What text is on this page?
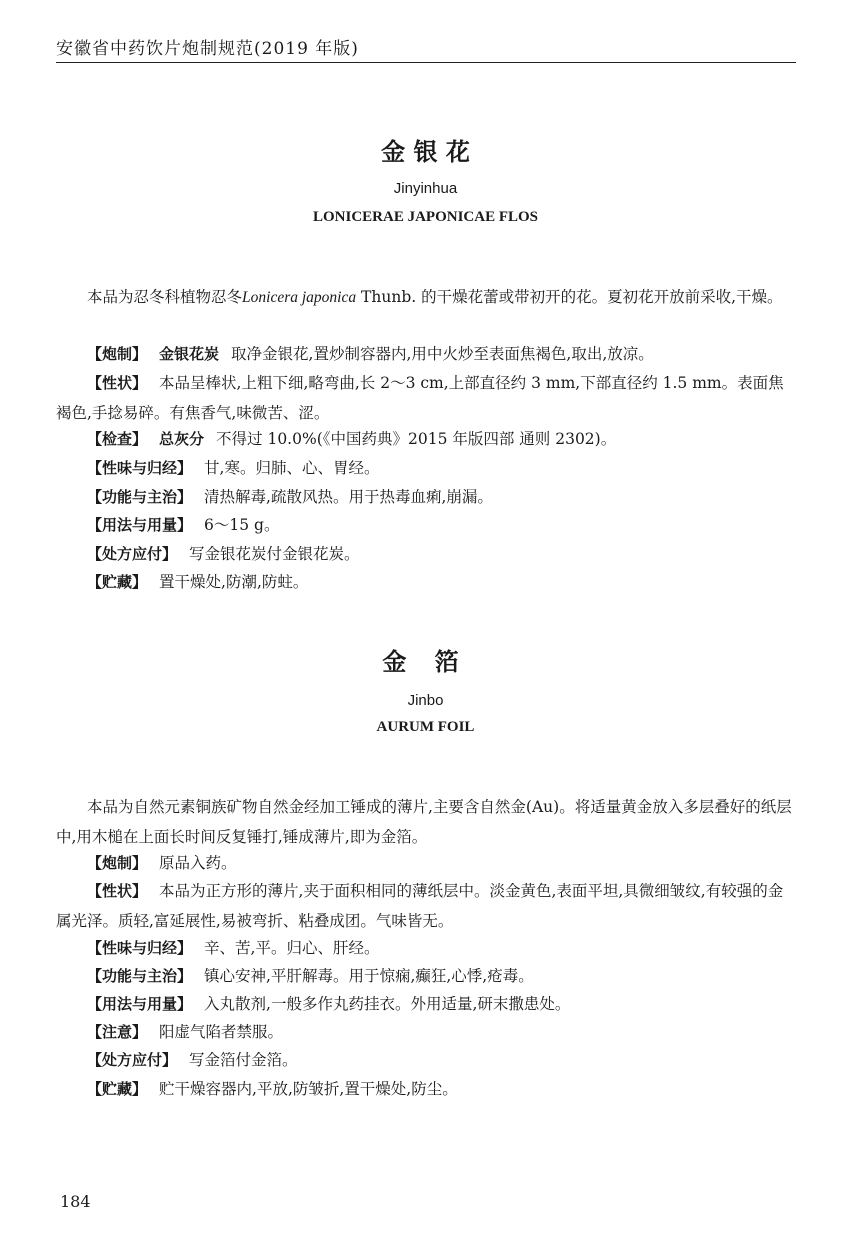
安徽省中药饮片炮制规范(2019 年版)
金 银 花
Jinyinhua
LONICERAE JAPONICAE FLOS

本品为忍冬科植物忍冬Lonicera japonica Thunb. 的干燥花蕾或带初开的花。夏初花开放前采收,干燥。

【炮制】 金银花炭 取净金银花,置炒制容器内,用中火炒至表面焦褐色,取出,放凉。

【性状】 本品呈棒状,上粗下细,略弯曲,长 2～3 cm,上部直径约 3 mm,下部直径约 1.5 mm。表面焦褐色,手捻易碎。有焦香气,味微苦、涩。

【检查】 总灰分 不得过 10.0%(《中国药典》2015 年版四部 通则 2302)。

【性味与归经】 甘,寒。归肺、心、胃经。

【功能与主治】 清热解毒,疏散风热。用于热毒血痢,崩漏。

【用法与用量】 6～15 g。

【处方应付】 写金银花炭付金银花炭。

【贮藏】 置干燥处,防潮,防蛀。

金 箔
Jinbo
AURUM FOIL

本品为自然元素铜族矿物自然金经加工锤成的薄片,主要含自然金(Au)。将适量黄金放入多层叠好的纸层中,用木槌在上面长时间反复锤打,锤成薄片,即为金箔。

【炮制】 原品入药。

【性状】 本品为正方形的薄片,夹于面积相同的薄纸层中。淡金黄色,表面平坦,具微细皱纹,有较强的金属光泽。质轻,富延展性,易被弯折、粘叠成团。气味皆无。

【性味与归经】 辛、苦,平。归心、肝经。

【功能与主治】 镇心安神,平肝解毒。用于惊痫,癫狂,心悸,疮毒。

【用法与用量】 入丸散剂,一般多作丸药挂衣。外用适量,研末撒患处。

【注意】 阳虚气陷者禁服。

【处方应付】 写金箔付金箔。

【贮藏】 贮干燥容器内,平放,防皱折,置干燥处,防尘。

184
